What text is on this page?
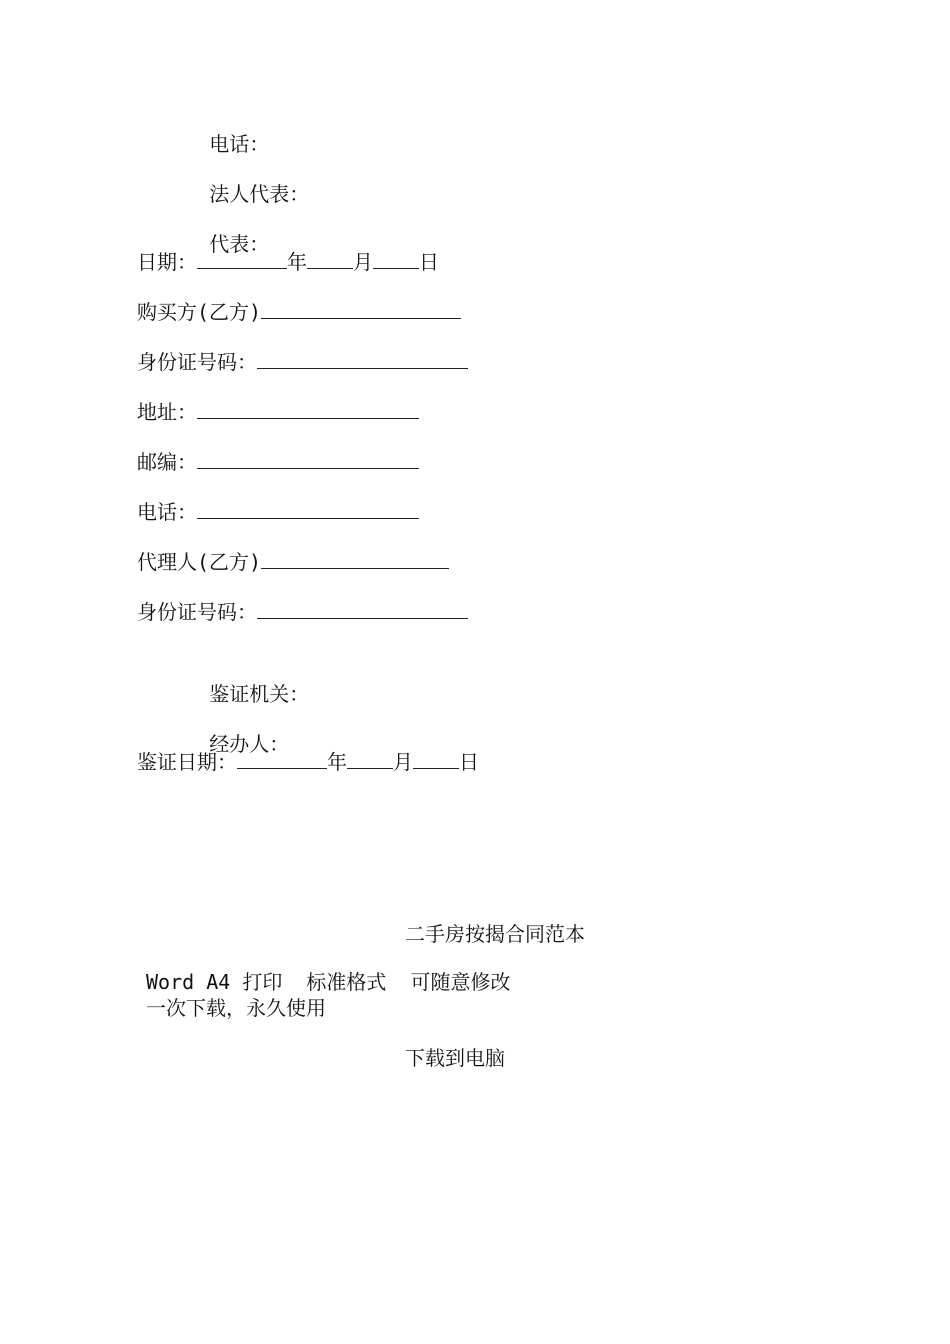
电话：

法人代表：

代表：

日期：	年 月 日
购买方(乙方)
身份证号码：
地址：
邮编：
电话：
代理人(乙方)
身份证号码：

鉴证机关：

经办人：

鉴证日期：	年 月 日
二手房按揭合同范本
Word A4 打印  标准格式  可随意修改
一次下载，永久使用
下载到电脑
